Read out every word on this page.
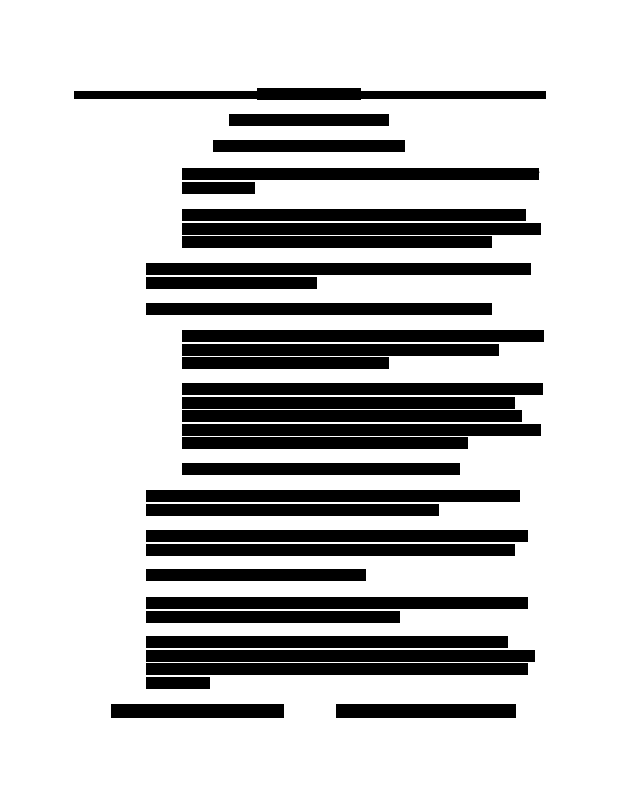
ILLINOIS REGISTER
POLLUTION CONTROL BOARD
NOTICE OF ADOPTED AMENDMENTS
1 kg (2.2 lbs) of acute hazardous waste listed in 35 Ill. Adm. Code 721.131 or 721.133(e); and
100 kg (220 lbs) of any residue or contaminated soil, water, or other debris resulting from the cleanup of a spill, into or on any land or water, of any acute hazardous waste listed in 35 Ill. Adm. Code 721.131 or 721.133(e).
“Vessel” includes every description of watercraft used or capable of being used as a means of transportation on the water.
“Wastewater treatment unit” means a device of which the following is true:
It is part of a wastewater treatment facility that has an NPDES permit pursuant to 35 Ill. Adm. Code 309 or a pretreatment permit or authorization to discharge pursuant to 35 Ill. Adm. Code 310;
It receives and treats or stores an influent wastewater that is a hazardous waste as defined in 35 Ill. Adm. Code 721.103, or generates and accumulates a wastewater treatment sludge that is a hazardous waste as defined in 35 Ill. Adm. Code 721.103, or treats or stores a wastewater treatment sludge that is a hazardous waste as defined in 35 Ill. Adm. Code 721.103; and
It meets the definition of tank or tank system in this Section.
“Water (bulk shipment)” means the bulk transportation of hazardous waste that is loaded or carried on board a vessel without containers or labels.
“Well” means any shaft or pit dug or bored into the earth, generally of a cylindrical form, and often walled with bricks or tubing to prevent the earth from caving in.
“Well injection” (See “underground injection.”)
“Wipe” means a woven or non-woven shop towel, rag, pad, or swab made of wood pulp, fabric, cotton, polyester blends, or other material.
“Zone of engineering control” means an area under the control of the owner or operator that, upon detection of a hazardous waste release, can be readily cleaned up prior to the release of hazardous waste or hazardous constituents to groundwater or surface water.
(Source: Amended at 42 Ill. Reg.	, effective	)
